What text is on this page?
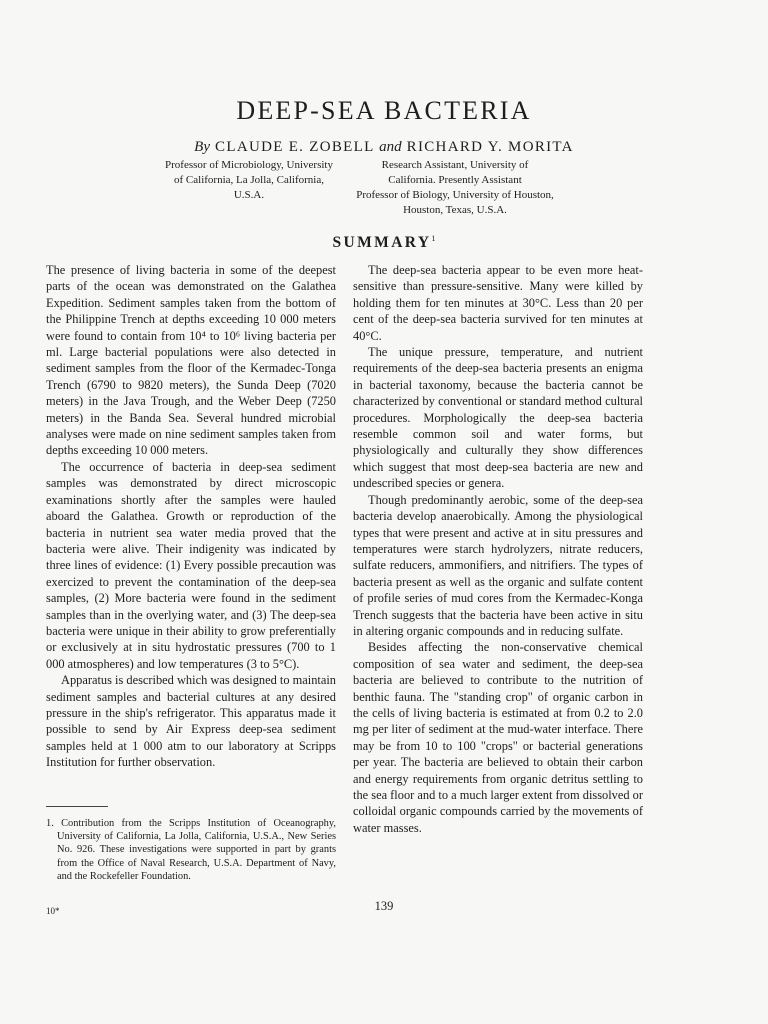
DEEP-SEA BACTERIA
By CLAUDE E. ZOBELL and RICHARD Y. MORITA
Professor of Microbiology, University
of California, La Jolla, California,
U.S.A.
Research Assistant, University of
California. Presently Assistant
Professor of Biology, University of Houston,
Houston, Texas, U.S.A.
SUMMARY$^1$

The presence of living bacteria in some of the deepest parts of the ocean was demonstrated on the Galathea Expedition. Sediment samples taken from the bottom of the Philippine Trench at depths exceeding 10 000 meters were found to contain from 10⁴ to 10⁶ living bacteria per ml. Large bacterial populations were also detected in sediment samples from the floor of the Kermadec-Tonga Trench (6790 to 9820 meters), the Sunda Deep (7020 meters) in the Java Trough, and the Weber Deep (7250 meters) in the Banda Sea. Several hundred microbial analyses were made on nine sediment samples taken from depths exceeding 10 000 meters.

The occurrence of bacteria in deep-sea sediment samples was demonstrated by direct microscopic examinations shortly after the samples were hauled aboard the Galathea. Growth or reproduction of the bacteria in nutrient sea water media proved that the bacteria were alive. Their indigenity was indicated by three lines of evidence: (1) Every possible precaution was exercized to prevent the contamination of the deep-sea samples, (2) More bacteria were found in the sediment samples than in the overlying water, and (3) The deep-sea bacteria were unique in their ability to grow preferentially or exclusively at in situ hydrostatic pressures (700 to 1 000 atmospheres) and low temperatures (3 to 5°C).

Apparatus is described which was designed to maintain sediment samples and bacterial cultures at any desired pressure in the ship's refrigerator. This apparatus made it possible to send by Air Express deep-sea sediment samples held at 1 000 atm to our laboratory at Scripps Institution for further observation.

The deep-sea bacteria appear to be even more heat-sensitive than pressure-sensitive. Many were killed by holding them for ten minutes at 30°C. Less than 20 per cent of the deep-sea bacteria survived for ten minutes at 40°C.

The unique pressure, temperature, and nutrient requirements of the deep-sea bacteria presents an enigma in bacterial taxonomy, because the bacteria cannot be characterized by conventional or standard method cultural procedures. Morphologically the deep-sea bacteria resemble common soil and water forms, but physiologically and culturally they show differences which suggest that most deep-sea bacteria are new and undescribed species or genera.

Though predominantly aerobic, some of the deep-sea bacteria develop anaerobically. Among the physiological types that were present and active at in situ pressures and temperatures were starch hydrolyzers, nitrate reducers, sulfate reducers, ammonifiers, and nitrifiers. The types of bacteria present as well as the organic and sulfate content of profile series of mud cores from the Kermadec-Konga Trench suggests that the bacteria have been active in situ in altering organic compounds and in reducing sulfate.

Besides affecting the non-conservative chemical composition of sea water and sediment, the deep-sea bacteria are believed to contribute to the nutrition of benthic fauna. The "standing crop" of organic carbon in the cells of living bacteria is estimated at from 0.2 to 2.0 mg per liter of sediment at the mud-water interface. There may be from 10 to 100 "crops" or bacterial generations per year. The bacteria are believed to obtain their carbon and energy requirements from organic detritus settling to the sea floor and to a much larger extent from dissolved or colloidal organic compounds carried by the movements of water masses.

1. Contribution from the Scripps Institution of Oceanography, University of California, La Jolla, California, U.S.A., New Series No. 926. These investigations were supported in part by grants from the Office of Naval Research, U.S.A. Department of Navy, and the Rockefeller Foundation.
10*	139
